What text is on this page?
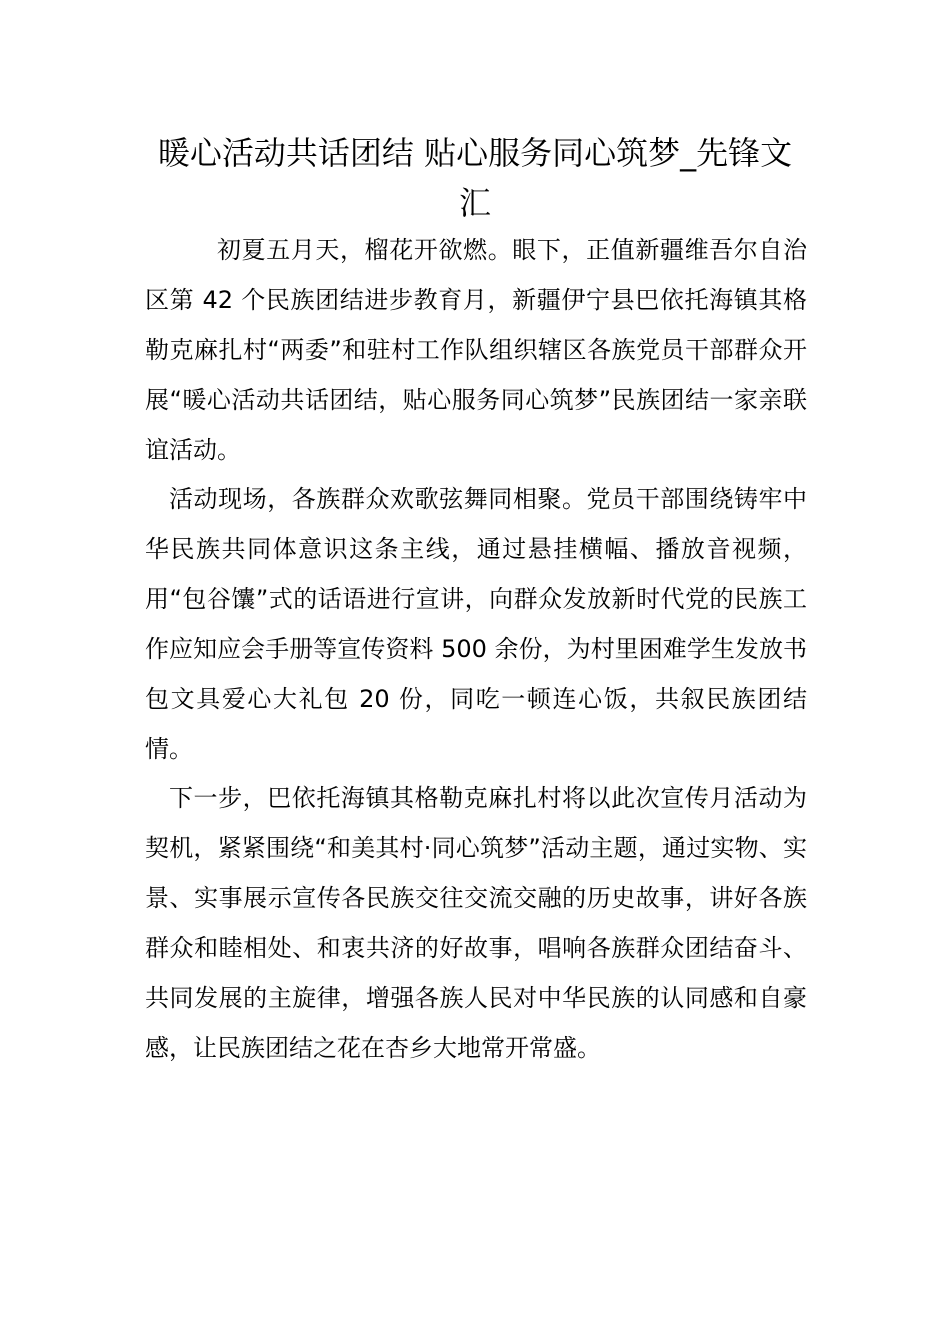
暖心活动共话团结 贴心服务同心筑梦_先锋文汇

初夏五月天，榴花开欲燃。眼下，正值新疆维吾尔自治区第 42 个民族团结进步教育月，新疆伊宁县巴依托海镇其格勒克麻扎村“两委”和驻村工作队组织辖区各族党员干部群众开展“暖心活动共话团结，贴心服务同心筑梦”民族团结一家亲联谊活动。

活动现场，各族群众欢歌弦舞同相聚。党员干部围绕铸牢中华民族共同体意识这条主线，通过悬挂横幅、播放音视频，用“包谷馕”式的话语进行宣讲，向群众发放新时代党的民族工作应知应会手册等宣传资料 500 余份，为村里困难学生发放书包文具爱心大礼包 20 份，同吃一顿连心饭，共叙民族团结情。

下一步，巴依托海镇其格勒克麻扎村将以此次宣传月活动为契机，紧紧围绕“和美其村·同心筑梦”活动主题，通过实物、实景、实事展示宣传各民族交往交流交融的历史故事，讲好各族群众和睦相处、和衷共济的好故事，唱响各族群众团结奋斗、共同发展的主旋律，增强各族人民对中华民族的认同感和自豪感，让民族团结之花在杏乡大地常开常盛。
